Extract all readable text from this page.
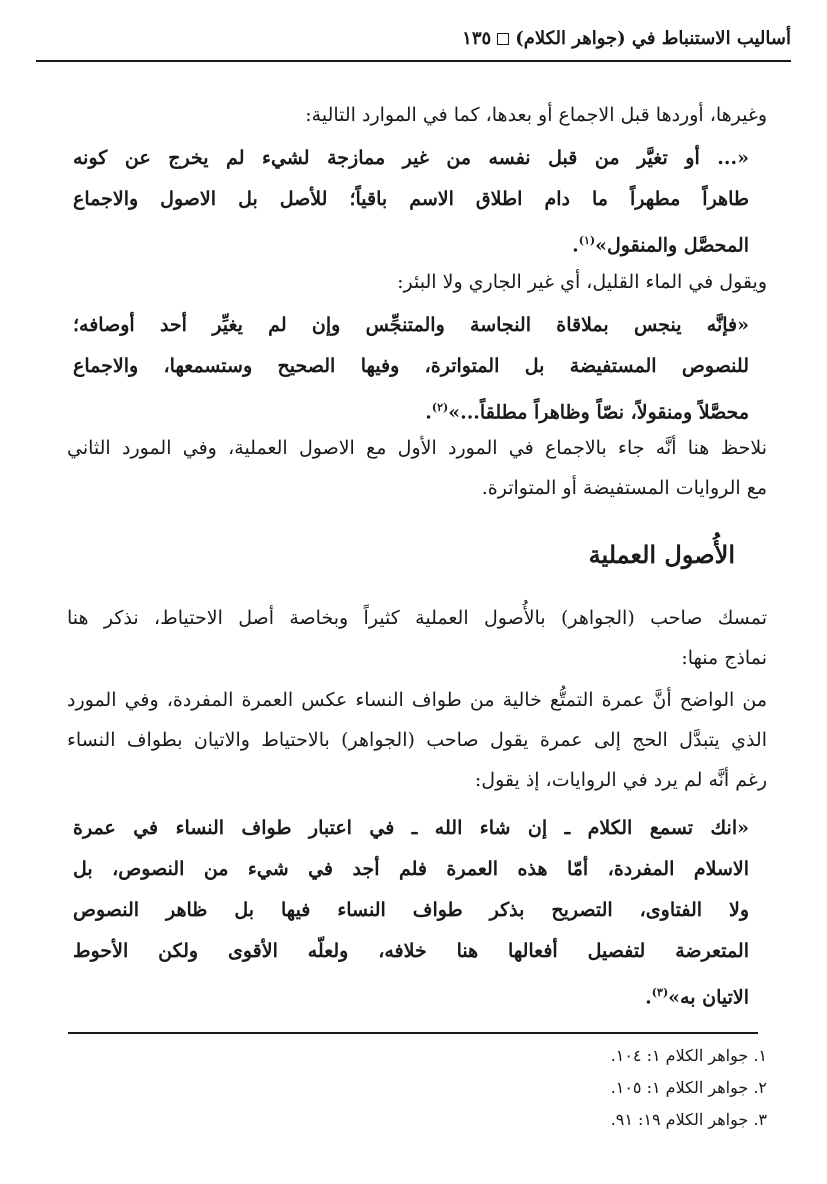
أساليب الاستنباط في (جواهر الكلام)١٣٥
وغيرها، أوردها قبل الاجماع أو بعدها، كما في الموارد التالية:
«... أو تغيَّر من قبل نفسه من غير ممازجة لشيء لم يخرج عن كونه
طاهراً مطهراً ما دام اطلاق الاسم باقياً؛ للأصل بل الاصول والاجماع
المحصَّل والمنقول»$^{(١)}$.
ويقول في الماء القليل، أي غير الجاري ولا البئر:
«فإنَّه ينجس بملاقاة النجاسة والمتنجِّس وإن لم يغيِّر أحد أوصافه؛
للنصوص المستفيضة بل المتواترة، وفيها الصحيح وستسمعها، والاجماع
محصَّلاً ومنقولاً، نصّاً وظاهراً مطلقاً...»$^{(٢)}$.
نلاحظ هنا أنَّه جاء بالاجماع في المورد الأول مع الاصول العملية، وفي المورد الثاني
مع الروايات المستفيضة أو المتواترة.
الأُصول العملية
تمسك صاحب (الجواهر) بالأُصول العملية كثيراً وبخاصة أصل الاحتياط، نذكر هنا
نماذج منها:
من الواضح أنَّ عمرة التمتُّع خالية من طواف النساء عكس العمرة المفردة، وفي المورد
الذي يتبدَّل الحج إلى عمرة يقول صاحب (الجواهر) بالاحتياط والاتيان بطواف النساء
رغم أنَّه لم يرد في الروايات، إذ يقول:
«انك تسمع الكلام ـ إن شاء الله ـ في اعتبار طواف النساء في عمرة
الاسلام المفردة، أمّا هذه العمرة فلم أجد في شيء من النصوص، بل
ولا الفتاوى، التصريح بذكر طواف النساء فيها بل ظاهر النصوص
المتعرضة لتفصيل أفعالها هنا خلافه، ولعلّه الأقوى ولكن الأحوط
الاتيان به»$^{(٣)}$.
١. جواهر الكلام ١: ١٠٤.
٢. جواهر الكلام ١: ١٠٥.
٣. جواهر الكلام ١٩: ٩١.
